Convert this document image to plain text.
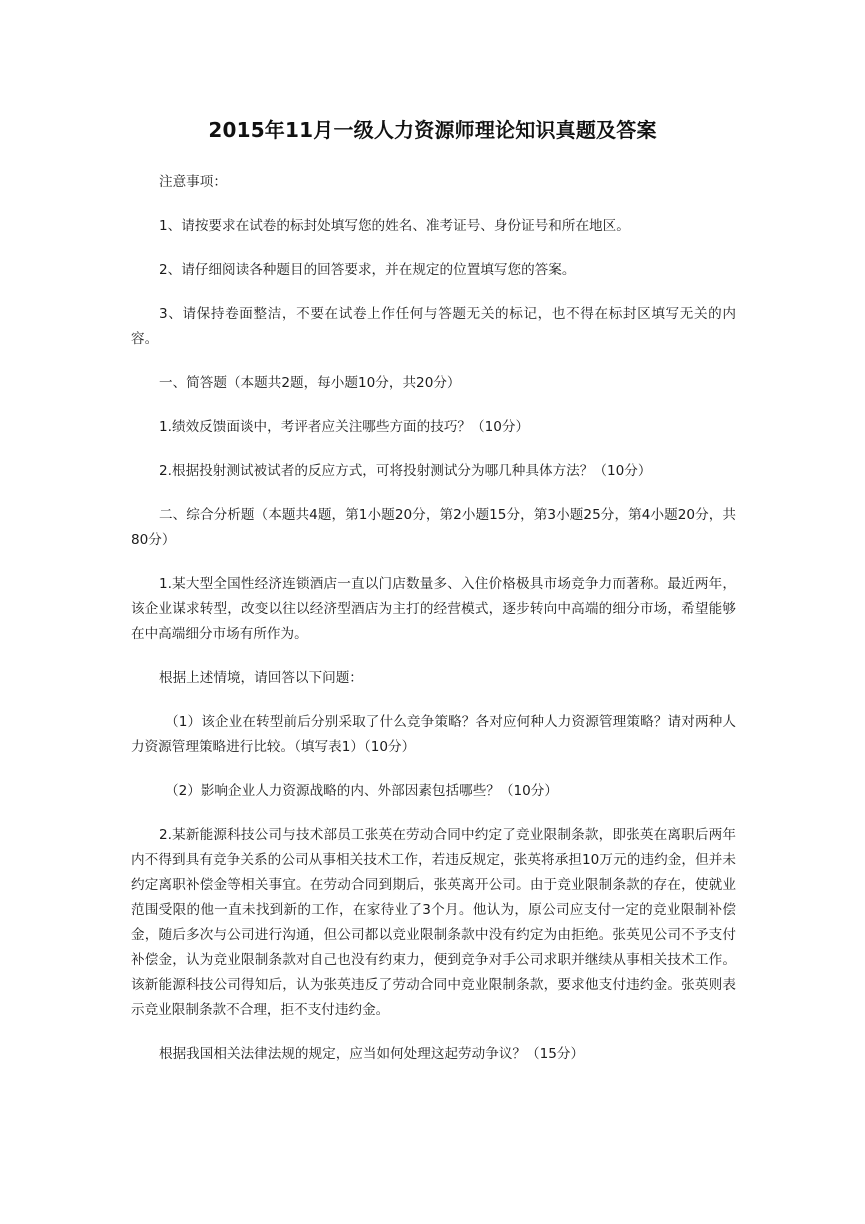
2015年11月一级人力资源师理论知识真题及答案

注意事项：

1、请按要求在试卷的标封处填写您的姓名、准考证号、身份证号和所在地区。

2、请仔细阅读各种题目的回答要求，并在规定的位置填写您的答案。

3、请保持卷面整洁，不要在试卷上作任何与答题无关的标记，也不得在标封区填写无关的内容。

一、简答题（本题共2题，每小题10分，共20分）

1.绩效反馈面谈中，考评者应关注哪些方面的技巧？（10分）

2.根据投射测试被试者的反应方式，可将投射测试分为哪几种具体方法？（10分）

二、综合分析题（本题共4题，第1小题20分，第2小题15分，第3小题25分，第4小题20分，共80分）

1.某大型全国性经济连锁酒店一直以门店数量多、入住价格极具市场竞争力而著称。最近两年，该企业谋求转型，改变以往以经济型酒店为主打的经营模式，逐步转向中高端的细分市场，希望能够在中高端细分市场有所作为。

根据上述情境，请回答以下问题：

（1）该企业在转型前后分别采取了什么竞争策略？各对应何种人力资源管理策略？请对两种人力资源管理策略进行比较。（填写表1）（10分）

（2）影响企业人力资源战略的内、外部因素包括哪些？（10分）

2.某新能源科技公司与技术部员工张英在劳动合同中约定了竞业限制条款，即张英在离职后两年内不得到具有竞争关系的公司从事相关技术工作，若违反规定，张英将承担10万元的违约金，但并未约定离职补偿金等相关事宜。在劳动合同到期后，张英离开公司。由于竞业限制条款的存在，使就业范围受限的他一直未找到新的工作，在家待业了3个月。他认为，原公司应支付一定的竞业限制补偿金，随后多次与公司进行沟通，但公司都以竞业限制条款中没有约定为由拒绝。张英见公司不予支付补偿金，认为竞业限制条款对自己也没有约束力，便到竞争对手公司求职并继续从事相关技术工作。该新能源科技公司得知后，认为张英违反了劳动合同中竞业限制条款，要求他支付违约金。张英则表示竞业限制条款不合理，拒不支付违约金。

根据我国相关法律法规的规定，应当如何处理这起劳动争议？（15分）
